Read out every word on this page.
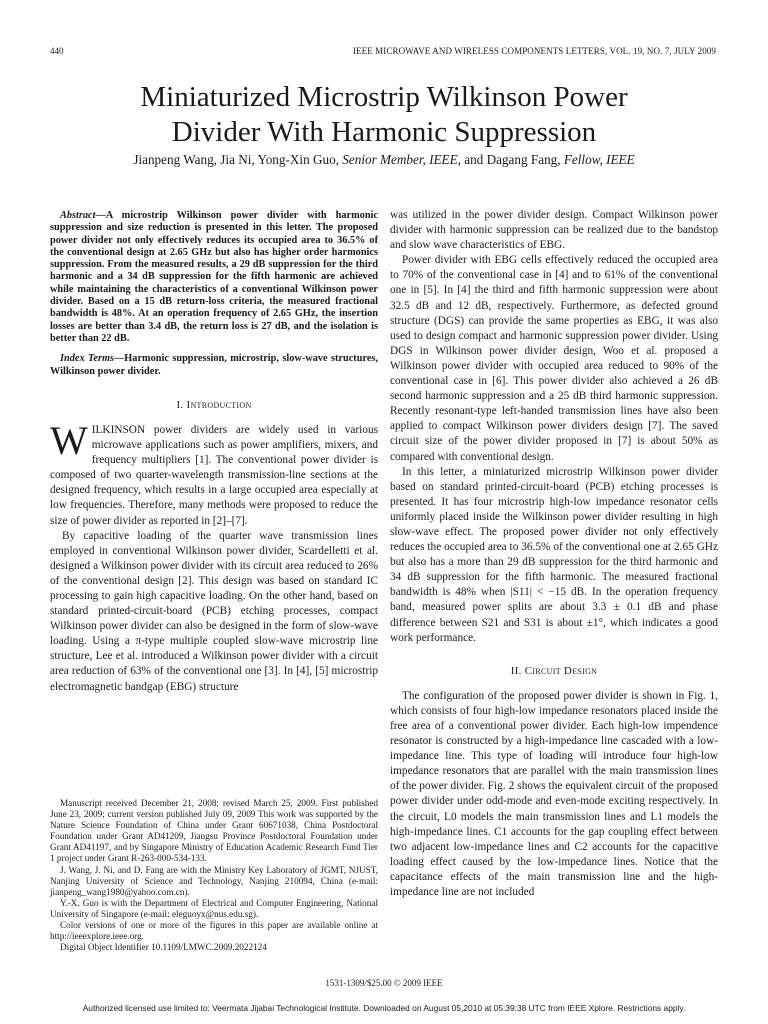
440	IEEE MICROWAVE AND WIRELESS COMPONENTS LETTERS, VOL. 19, NO. 7, JULY 2009
Miniaturized Microstrip Wilkinson Power
Divider With Harmonic Suppression
Jianpeng Wang, Jia Ni, Yong-Xin Guo, Senior Member, IEEE, and Dagang Fang, Fellow, IEEE

Abstract—A microstrip Wilkinson power divider with harmonic suppression and size reduction is presented in this letter. The proposed power divider not only effectively reduces its occupied area to 36.5% of the conventional design at 2.65 GHz but also has higher order harmonics suppression. From the measured results, a 29 dB suppression for the third harmonic and a 34 dB suppression for the fifth harmonic are achieved while maintaining the characteristics of a conventional Wilkinson power divider. Based on a 15 dB return-loss criteria, the measured fractional bandwidth is 48%. At an operation frequency of 2.65 GHz, the insertion losses are better than 3.4 dB, the return loss is 27 dB, and the isolation is better than 22 dB.

Index Terms—Harmonic suppression, microstrip, slow-wave structures, Wilkinson power divider.

I. Introduction

WILKINSON power dividers are widely used in various microwave applications such as power amplifiers, mixers, and frequency multipliers [1]. The conventional power divider is composed of two quarter-wavelength transmission-line sections at the designed frequency, which results in a large occupied area especially at low frequencies. Therefore, many methods were proposed to reduce the size of power divider as reported in [2]–[7].

By capacitive loading of the quarter wave transmission lines employed in conventional Wilkinson power divider, Scardelletti et al. designed a Wilkinson power divider with its circuit area reduced to 26% of the conventional design [2]. This design was based on standard IC processing to gain high capacitive loading. On the other hand, based on standard printed-circuit-board (PCB) etching processes, compact Wilkinson power divider can also be designed in the form of slow-wave loading. Using a π-type multiple coupled slow-wave microstrip line structure, Lee et al. introduced a Wilkinson power divider with a circuit area reduction of 63% of the conventional one [3]. In [4], [5] microstrip electromagnetic bandgap (EBG) structure

Manuscript received December 21, 2008; revised March 25, 2009. First published June 23, 2009; current version published July 09, 2009 This work was supported by the Nature Science Foundation of China under Grant 60671038, China Postdoctoral Foundation under Grant AD41209, Jiangsu Province Postdoctoral Foundation under Grant AD41197, and by Singapore Ministry of Education Academic Research Fund Tier 1 project under Grant R-263-000-534-133.

J. Wang, J. Ni, and D. Fang are with the Ministry Key Laboratory of JGMT, NJUST, Nanjing University of Science and Technology, Nanjing 210094, China (e-mail: jianpeng_wang1980@yahoo.com.cn).

Y.-X. Guo is with the Department of Electrical and Computer Engineering, National University of Singapore (e-mail: eleguoyx@nus.edu.sg).

Color versions of one or more of the figures in this paper are available online at http://ieeexplore.ieee.org.

Digital Object Identifier 10.1109/LMWC.2009.2022124

was utilized in the power divider design. Compact Wilkinson power divider with harmonic suppression can be realized due to the bandstop and slow wave characteristics of EBG.

Power divider with EBG cells effectively reduced the occupied area to 70% of the conventional case in [4] and to 61% of the conventional one in [5]. In [4] the third and fifth harmonic suppression were about 32.5 dB and 12 dB, respectively. Furthermore, as defected ground structure (DGS) can provide the same properties as EBG, it was also used to design compact and harmonic suppression power divider. Using DGS in Wilkinson power divider design, Woo et al. proposed a Wilkinson power divider with occupied area reduced to 90% of the conventional case in [6]. This power divider also achieved a 26 dB second harmonic suppression and a 25 dB third harmonic suppression. Recently resonant-type left-handed transmission lines have also been applied to compact Wilkinson power dividers design [7]. The saved circuit size of the power divider proposed in [7] is about 50% as compared with conventional design.

In this letter, a miniaturized microstrip Wilkinson power divider based on standard printed-circuit-board (PCB) etching processes is presented. It has four microstrip high-low impedance resonator cells uniformly placed inside the Wilkinson power divider resulting in high slow-wave effect. The proposed power divider not only effectively reduces the occupied area to 36.5% of the conventional one at 2.65 GHz but also has a more than 29 dB suppression for the third harmonic and 34 dB suppression for the fifth harmonic. The measured fractional bandwidth is 48% when |S11| < −15 dB. In the operation frequency band, measured power splits are about 3.3 ± 0.1 dB and phase difference between S21 and S31 is about ±1°, which indicates a good work performance.

II. Circuit Design

The configuration of the proposed power divider is shown in Fig. 1, which consists of four high-low impedance resonators placed inside the free area of a conventional power divider. Each high-low impendence resonator is constructed by a high-impedance line cascaded with a low-impedance line. This type of loading will introduce four high-low impedance resonators that are parallel with the main transmission lines of the power divider. Fig. 2 shows the equivalent circuit of the proposed power divider under odd-mode and even-mode exciting respectively. In the circuit, L0 models the main transmission lines and L1 models the high-impedance lines. C1 accounts for the gap coupling effect between two adjacent low-impedance lines and C2 accounts for the capacitive loading effect caused by the low-impedance lines. Notice that the capacitance effects of the main transmission line and the high-impedance line are not included

1531-1309/$25.00 © 2009 IEEE
Authorized licensed use limited to: Veermata Jijabai Technological Institute. Downloaded on August 05,2010 at 05:39:38 UTC from IEEE Xplore. Restrictions apply.
